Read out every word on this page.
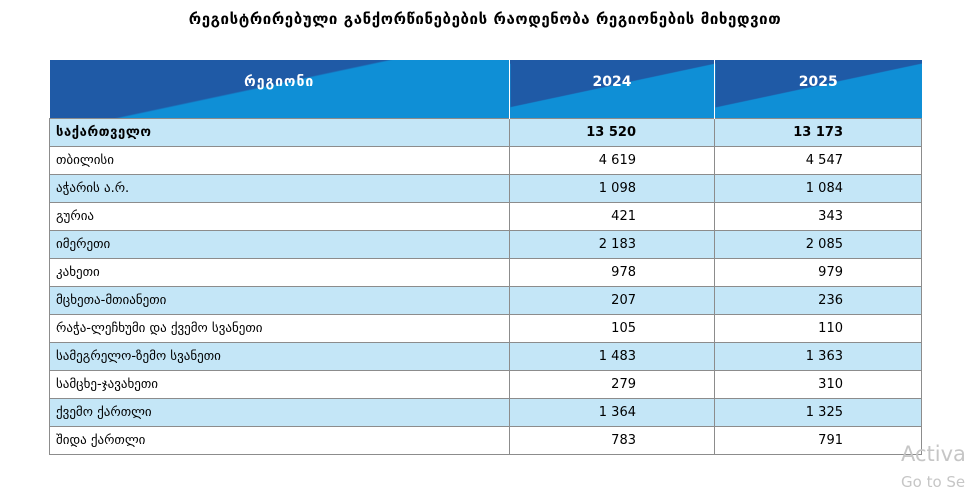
რეგისტრირებული განქორწინებების რაოდენობა რეგიონების მიხედვით
რეგიონი	2024	2025

საქართველო	13 520	13 173
თბილისი	4 619	4 547
აჭარის ა.რ.	1 098	1 084
გურია	421	343
იმერეთი	2 183	2 085
კახეთი	978	979
მცხეთა-მთიანეთი	207	236
რაჭა-ლეჩხუმი და ქვემო სვანეთი	105	110
სამეგრელო-ზემო სვანეთი	1 483	1 363
სამცხე-ჯავახეთი	279	310
ქვემო ქართლი	1 364	1 325
შიდა ქართლი	783	791
Activa
Go to Se
